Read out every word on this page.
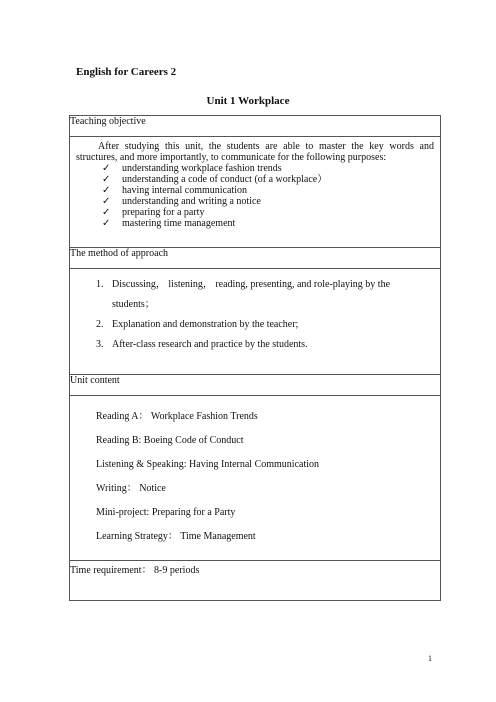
English for Careers 2
Unit 1 Workplace
Teaching objective

After studying this unit, the students are able to master the key words and structures, and more importantly, to communicate for the following purposes:

✓ understanding workplace fashion trends
✓ understanding a code of conduct (of a workplace）
✓ having internal communication
✓ understanding and writing a notice
✓ preparing for a party
✓ mastering time management

The method of approach

1. Discussing， listening， reading, presenting, and role-playing by the students；
2. Explanation and demonstration by the teacher;
3. After-class research and practice by the students.

Unit content

Reading A： Workplace Fashion Trends
Reading B: Boeing Code of Conduct
Listening & Speaking: Having Internal Communication
Writing： Notice
Mini-project: Preparing for a Party
Learning Strategy： Time Management

Time requirement： 8-9 periods
1
